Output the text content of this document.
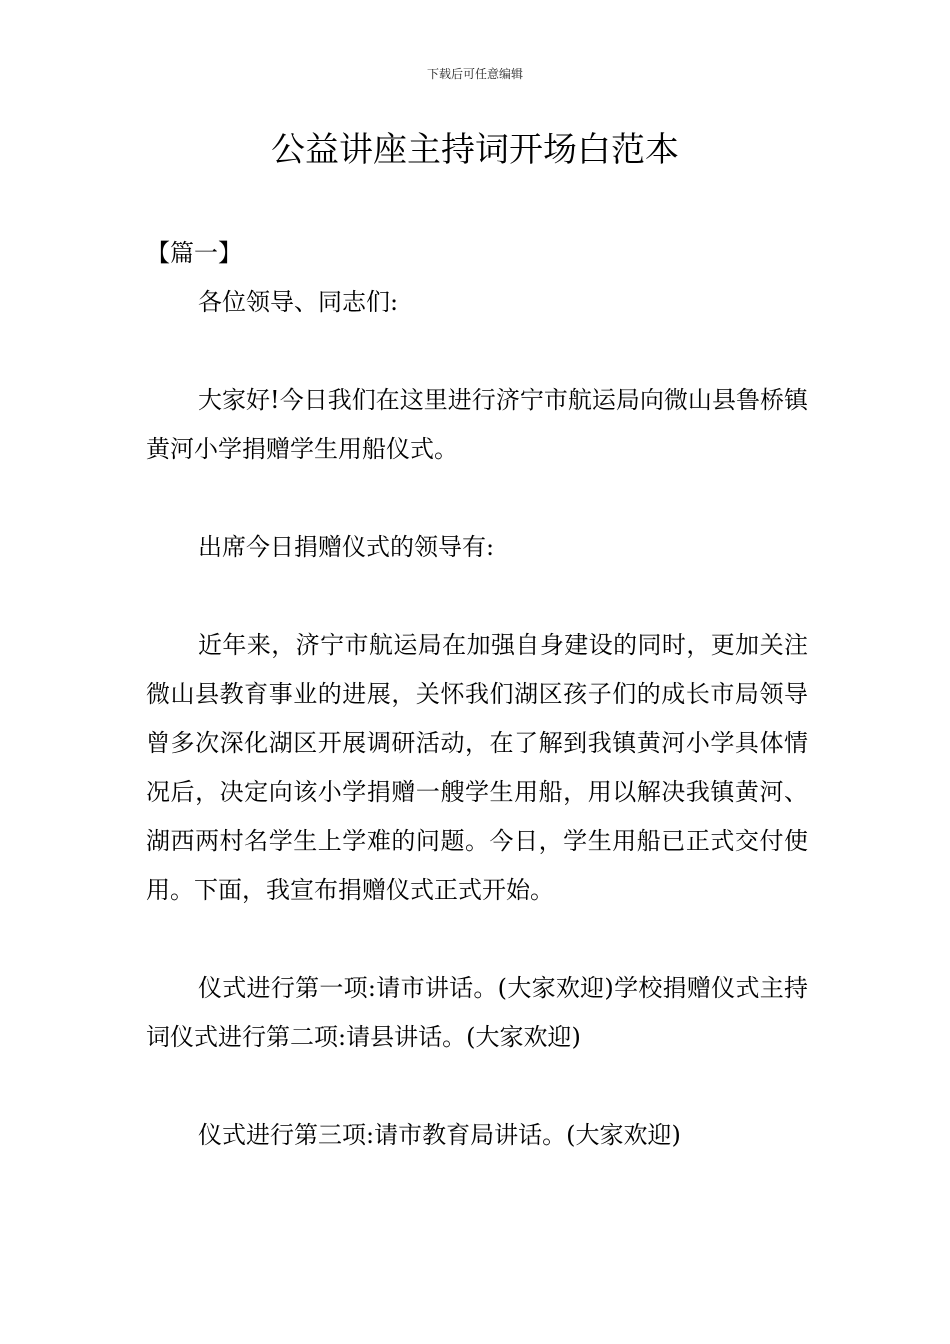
下载后可任意编辑
公益讲座主持词开场白范本

【篇一】

各位领导、同志们:

大家好!今日我们在这里进行济宁市航运局向微山县鲁桥镇黄河小学捐赠学生用船仪式。

出席今日捐赠仪式的领导有:

近年来，济宁市航运局在加强自身建设的同时，更加关注微山县教育事业的进展，关怀我们湖区孩子们的成长市局领导曾多次深化湖区开展调研活动，在了解到我镇黄河小学具体情况后，决定向该小学捐赠一艘学生用船，用以解决我镇黄河、湖西两村名学生上学难的问题。今日，学生用船已正式交付使用。下面，我宣布捐赠仪式正式开始。

仪式进行第一项:请市讲话。(大家欢迎)学校捐赠仪式主持词仪式进行第二项:请县讲话。(大家欢迎)

仪式进行第三项:请市教育局讲话。(大家欢迎)
